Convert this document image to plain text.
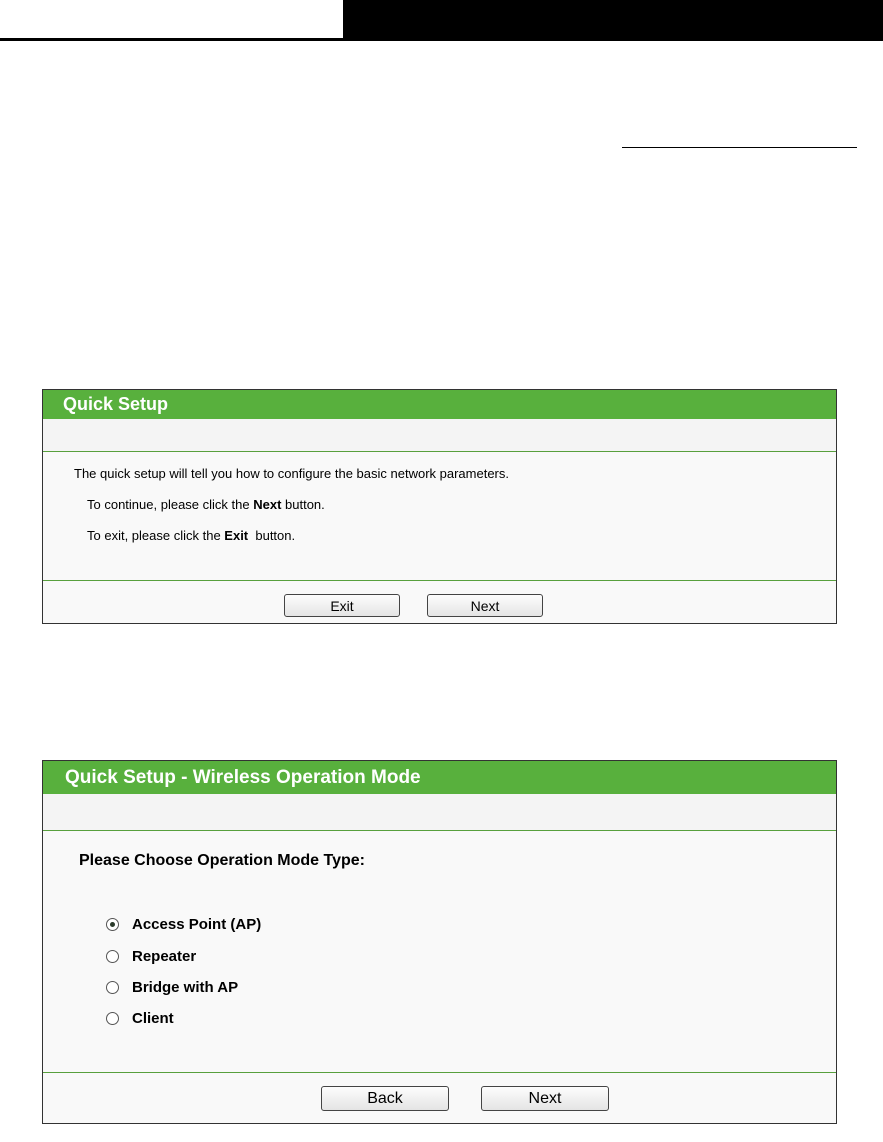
Quick Setup
The quick setup will tell you how to configure the basic network parameters.
To continue, please click the Next button.
To exit, please click the Exit  button.
Exit	Next
Quick Setup - Wireless Operation Mode
Please Choose Operation Mode Type:
Access Point (AP)
Repeater
Bridge with AP
Client
Back	Next
